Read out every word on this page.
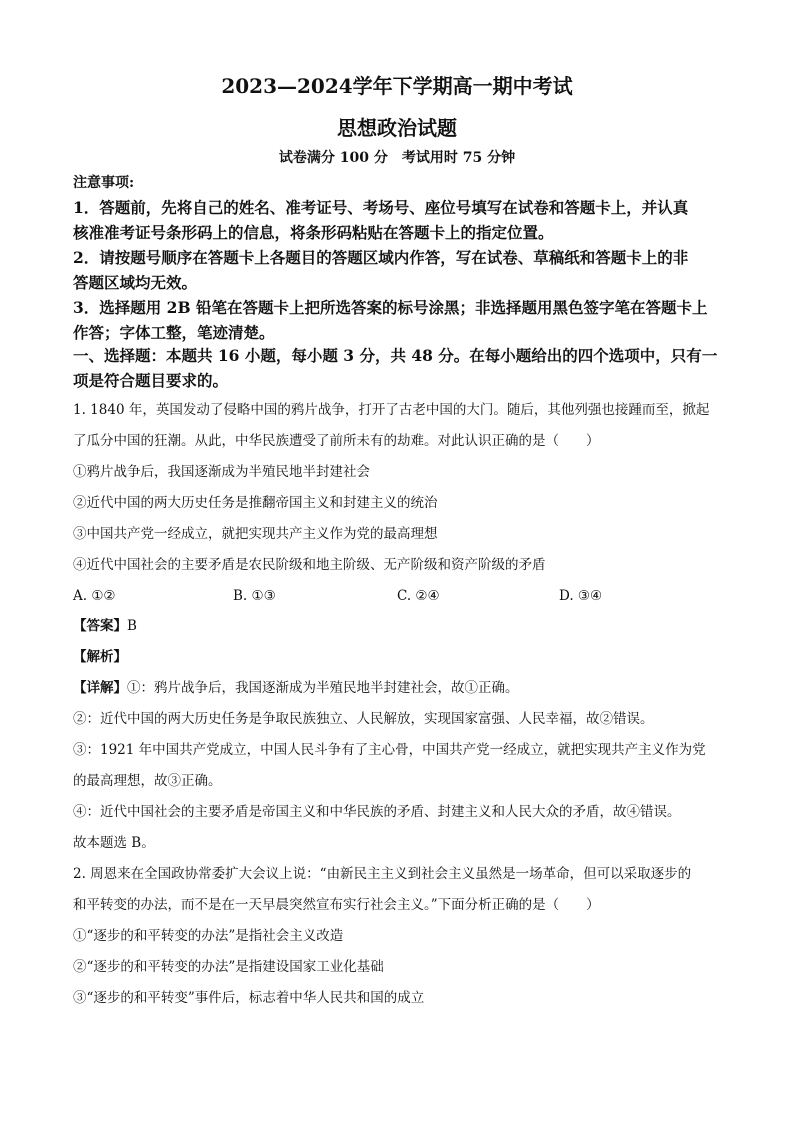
2023—2024学年下学期高一期中考试
思想政治试题
试卷满分 100 分　考试用时 75 分钟
注意事项:
1．答题前，先将自己的姓名、准考证号、考场号、座位号填写在试卷和答题卡上，并认真
核准准考证号条形码上的信息，将条形码粘贴在答题卡上的指定位置。
2．请按题号顺序在答题卡上各题目的答题区域内作答，写在试卷、草稿纸和答题卡上的非
答题区域均无效。
3．选择题用 2B 铅笔在答题卡上把所选答案的标号涂黑；非选择题用黑色签字笔在答题卡上
作答；字体工整，笔迹清楚。
一、选择题：本题共 16 小题，每小题 3 分，共 48 分。在每小题给出的四个选项中，只有一
项是符合题目要求的。
1. 1840 年，英国发动了侵略中国的鸦片战争，打开了古老中国的大门。随后，其他列强也接踵而至，掀起
了瓜分中国的狂潮。从此，中华民族遭受了前所未有的劫难。对此认识正确的是（　　）
①鸦片战争后，我国逐渐成为半殖民地半封建社会
②近代中国的两大历史任务是推翻帝国主义和封建主义的统治
③中国共产党一经成立，就把实现共产主义作为党的最高理想
④近代中国社会的主要矛盾是农民阶级和地主阶级、无产阶级和资产阶级的矛盾
A. ①②	B. ①③	C. ②④	D. ③④
【答案】B
【解析】
【详解】①：鸦片战争后，我国逐渐成为半殖民地半封建社会，故①正确。
②：近代中国的两大历史任务是争取民族独立、人民解放，实现国家富强、人民幸福，故②错误。
③：1921 年中国共产党成立，中国人民斗争有了主心骨，中国共产党一经成立，就把实现共产主义作为党
的最高理想，故③正确。
④：近代中国社会的主要矛盾是帝国主义和中华民族的矛盾、封建主义和人民大众的矛盾，故④错误。
故本题选 B。
2. 周恩来在全国政协常委扩大会议上说：“由新民主主义到社会主义虽然是一场革命，但可以采取逐步的
和平转变的办法，而不是在一天早晨突然宣布实行社会主义。”下面分析正确的是（　　）
①“逐步的和平转变的办法”是指社会主义改造
②“逐步的和平转变的办法”是指建设国家工业化基础
③“逐步的和平转变”事件后，标志着中华人民共和国的成立
